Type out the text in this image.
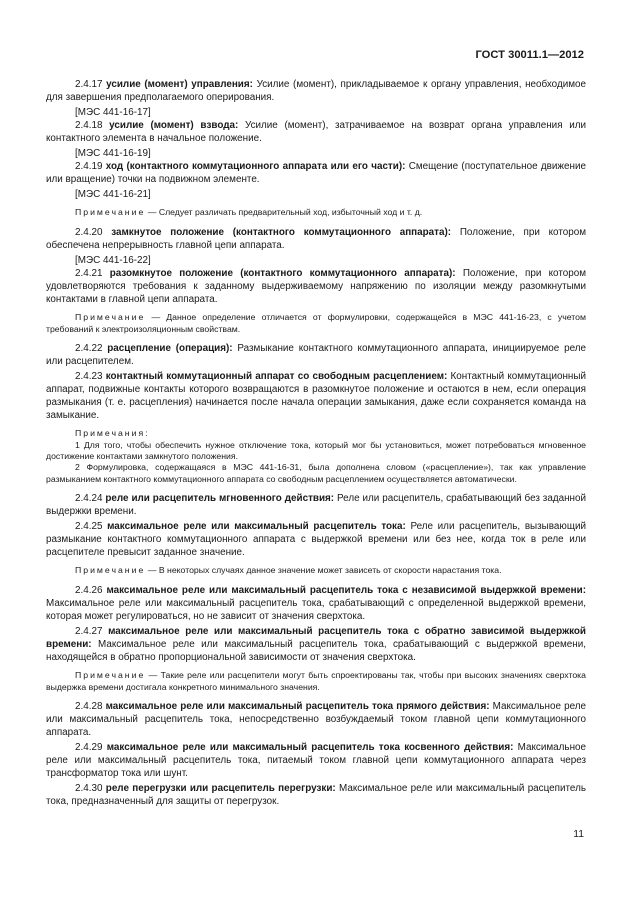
ГОСТ 30011.1—2012

2.4.17 усилие (момент) управления: Усилие (момент), прикладываемое к органу управления, необходимое для завершения предполагаемого оперирования.

[МЭС 441-16-17]

2.4.18 усилие (момент) взвода: Усилие (момент), затрачиваемое на возврат органа управления или контактного элемента в начальное положение.

[МЭС 441-16-19]

2.4.19 ход (контактного коммутационного аппарата или его части): Смещение (поступательное движение или вращение) точки на подвижном элементе.

[МЭС 441-16-21]
Примечание — Следует различать предварительный ход, избыточный ход и т. д.

2.4.20 замкнутое положение (контактного коммутационного аппарата): Положение, при котором обеспечена непрерывность главной цепи аппарата.

[МЭС 441-16-22]

2.4.21 разомкнутое положение (контактного коммутационного аппарата): Положение, при котором удовлетворяются требования к заданному выдерживаемому напряжению по изоляции между разомкнутыми контактами в главной цепи аппарата.

Примечание — Данное определение отличается от формулировки, содержащейся в МЭС 441-16-23, с учетом требований к электроизоляционным свойствам.

2.4.22 расцепление (операция): Размыкание контактного коммутационного аппарата, инициируемое реле или расцепителем.

2.4.23 контактный коммутационный аппарат со свободным расцеплением: Контактный коммутационный аппарат, подвижные контакты которого возвращаются в разомкнутое положение и остаются в нем, если операция размыкания (т. е. расцепления) начинается после начала операции замыкания, даже если сохраняется команда на замыкание.

Примечания:
1 Для того, чтобы обеспечить нужное отключение тока, который мог бы установиться, может потребоваться мгновенное достижение контактами замкнутого положения.
2 Формулировка, содержащаяся в МЭС 441-16-31, была дополнена словом («расцепление»), так как управление размыканием контактного коммутационного аппарата со свободным расцеплением осуществляется автоматически.

2.4.24 реле или расцепитель мгновенного действия: Реле или расцепитель, срабатывающий без заданной выдержки времени.

2.4.25 максимальное реле или максимальный расцепитель тока: Реле или расцепитель, вызывающий размыкание контактного коммутационного аппарата с выдержкой времени или без нее, когда ток в реле или расцепителе превысит заданное значение.

Примечание — В некоторых случаях данное значение может зависеть от скорости нарастания тока.

2.4.26 максимальное реле или максимальный расцепитель тока с независимой выдержкой времени: Максимальное реле или максимальный расцепитель тока, срабатывающий с определенной выдержкой времени, которая может регулироваться, но не зависит от значения сверхтока.

2.4.27 максимальное реле или максимальный расцепитель тока с обратно зависимой выдержкой времени: Максимальное реле или максимальный расцепитель тока, срабатывающий с выдержкой времени, находящейся в обратно пропорциональной зависимости от значения сверхтока.

Примечание — Такие реле или расцепители могут быть спроектированы так, чтобы при высоких значениях сверхтока выдержка времени достигала конкретного минимального значения.

2.4.28 максимальное реле или максимальный расцепитель тока прямого действия: Максимальное реле или максимальный расцепитель тока, непосредственно возбуждаемый током главной цепи коммутационного аппарата.

2.4.29 максимальное реле или максимальный расцепитель тока косвенного действия: Максимальное реле или максимальный расцепитель тока, питаемый током главной цепи коммутационного аппарата через трансформатор тока или шунт.

2.4.30 реле перегрузки или расцепитель перегрузки: Максимальное реле или максимальный расцепитель тока, предназначенный для защиты от перегрузок.

11
